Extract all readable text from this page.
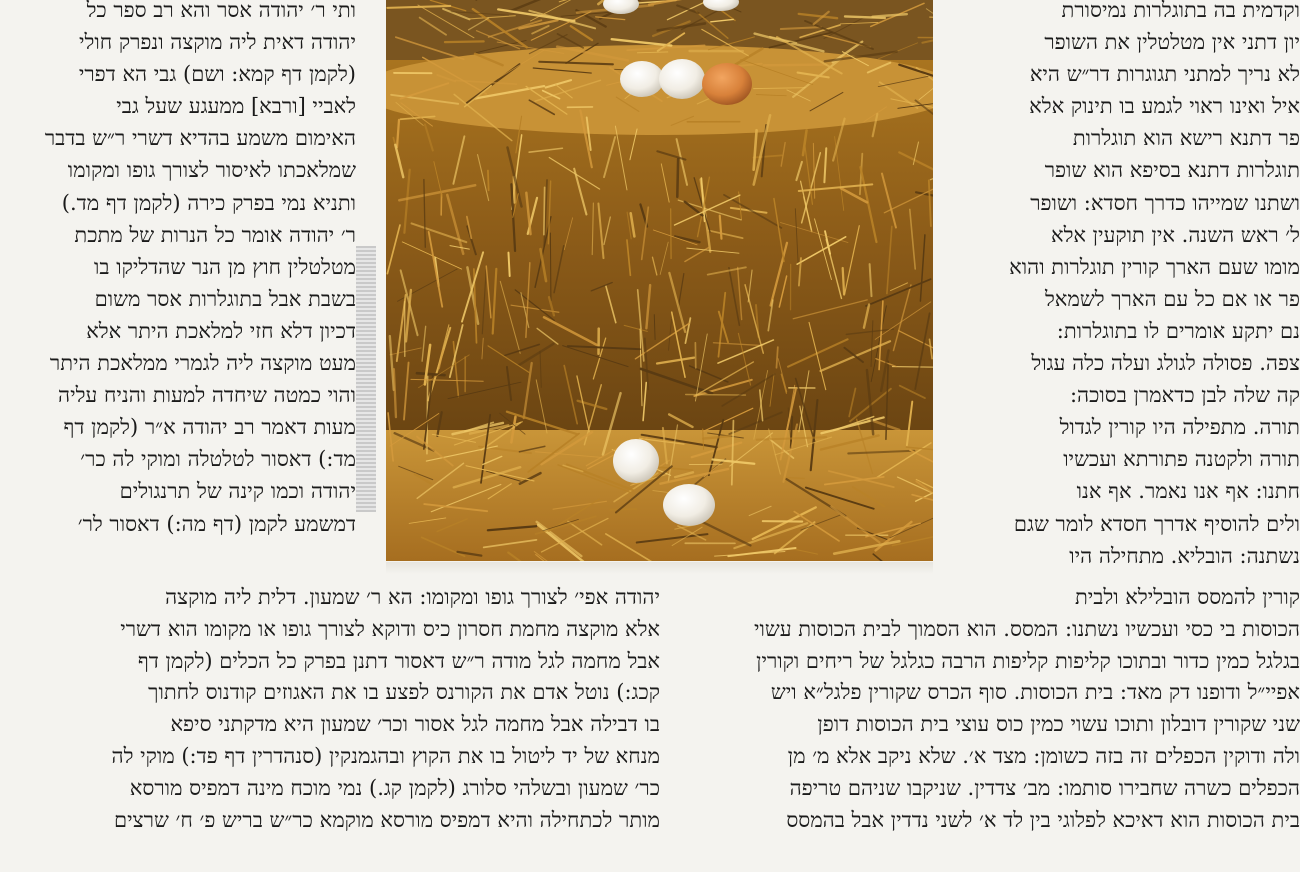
וקדמית בה בתוגלרות נמיסורת
יון דתני אין מטלטלין את השופר
לא נריך למתני תגוגרות דר״ש היא
איל ואינו ראוי לגמע בו תינוק אלא
פר דתנא רישא הוא תוגלרות
תוגלרות דתנא בסיפא הוא שופר
ושתנו שמייהו כדרך חסדא: ושופר
ל׳ ראש השנה. אין תוקעין אלא
מומו שעם הארך קורין תוגלרות והוא
פר או אם כל עם הארך לשמאל
נם יתקע אומרים לו בתוגלרות:
צפה. פסולה לגולג ועלה כלה עגול
קה שלה לבן כדאמרן בסוכה:
תורה. מתפילה היו קורין לגדול
תורה ולקטנה פתורתא ועכשיו
חתנו: אף אנו נאמר. אף אנו
ולים להוסיף אדרך חסדא לומר שגם
נשתנה: הובליא. מתחילה היו
ותי ר׳ יהודה אסר והא רב ספר כל
יהודה דאית ליה מוקצה ונפרק חולי
(לקמן דף קמא: ושם) גבי הא דפרי
לאביי [ורבא] ממעגע שעל גבי
האימום משמע בהדיא דשרי ר״ש בדבר
שמלאכתו לאיסור לצורך גופו ומקומו
ותניא נמי בפרק כירה (לקמן דף מד.)
ר׳ יהודה אומר כל הנרות של מתכת
מטלטלין חוץ מן הנר שהדליקו בו
בשבת אבל בתוגלרות אסר משום
דכיון דלא חזי למלאכת היתר אלא
מעט מוקצה ליה לגמרי ממלאכת היתר
והוי כמטה שיחדה למעות והניח עליה
מעות דאמר רב יהודה א״ר (לקמן דף
מד:) דאסור לטלטלה ומוקי לה כר׳
יהודה וכמו קינה של תרנגולים
דמשמע לקמן (דף מה:) דאסור לר׳
יהודה אפי׳ לצורך גופו ומקומו: הא ר׳ שמעון. דלית ליה מוקצה
אלא מוקצה מחמת חסרון כיס ודוקא לצורך גופו או מקומו הוא דשרי
אבל מחמה לגל מודה ר״ש דאסור דתנן בפרק כל הכלים (לקמן דף
קכג:) נוטל אדם את הקורנס לפצע בו את האגוזים קודנוס לחתוך
בו דבילה אבל מחמה לגל אסור וכר׳ שמעון היא מדקתני סיפא
מנחא של יד ליטול בו את הקוץ ובהגמנקין (סנהדרין דף פד:) מוקי לה
כר׳ שמעון ובשלהי סלורג (לקמן קג.) נמי מוכח מינה דמפיס מורסא
מותר לכתחילה והיא דמפיס מורסא מוקמא כר״ש בריש פ׳ ח׳ שרצים
קורין להמסס הובלילא ולבית
הכוסות בי כסי ועכשיו נשתנו: המסס. הוא הסמוך לבית הכוסות עשוי
בגלגל כמין כדור ובתוכו קליפות קליפות הרבה כגלגל של ריחים וקורין
אפיי״ל ודופנו דק מאד: בית הכוסות. סוף הכרס שקורין פלגל״א ויש
שני שקורין דובלון ותוכו עשוי כמין כוס עוצי בית הכוסות דופן
ולה ודוקין הכפלים זה בזה כשומן: מצד א׳. שלא ניקב אלא מ׳ מן
הכפלים כשרה שחבירו סותמו: מב׳ צדדין. שניקבו שניהם טריפה
בית הכוסות הוא דאיכא לפלוגי בין לד א׳ לשני נדדין אבל בהמסס
